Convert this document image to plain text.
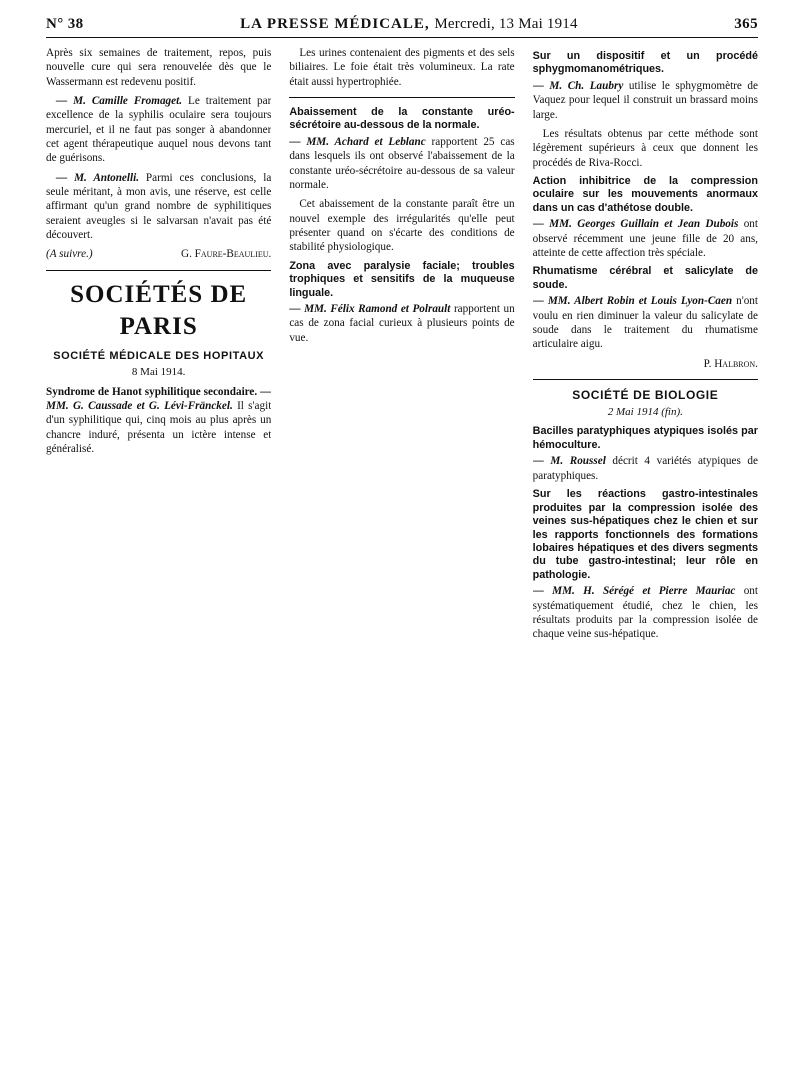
N° 38	LA PRESSE MÉDICALE, Mercredi, 13 Mai 1914	365

Après six semaines de traitement, repos, puis nouvelle cure qui sera renouvelée dès que le Wassermann est redevenu positif.

— M. Camille Fromaget. Le traitement par excellence de la syphilis oculaire sera toujours mercuriel, et il ne faut pas songer à abandonner cet agent thérapeutique auquel nous devons tant de guérisons.

— M. Antonelli. Parmi ces conclusions, la seule méritant, à mon avis, une réserve, est celle affirmant qu'un grand nombre de syphilitiques seraient aveugles si le salvarsan n'avait pas été découvert.

(A suivre.)	G. Faure-Beaulieu.
SOCIÉTÉS DE PARIS
SOCIÉTÉ MÉDICALE DES HOPITAUX
8 Mai 1914.

Syndrome de Hanot syphilitique secondaire. — MM. G. Caussade et G. Lévi-Fränckel. Il s'agit d'un syphilitique qui, cinq mois au plus après un chancre induré, présenta un ictère intense et généralisé.

Les urines contenaient des pigments et des sels biliaires. Le foie était très volumineux. La rate était aussi hypertrophiée.

Abaissement de la constante uréo-sécrétoire au-dessous de la normale.

— MM. Achard et Leblanc rapportent 25 cas dans lesquels ils ont observé l'abaissement de la constante uréo-sécrétoire au-dessous de sa valeur normale.

Cet abaissement de la constante paraît être un nouvel exemple des irrégularités qu'elle peut présenter quand on s'écarte des conditions de stabilité physiologique.

Zona avec paralysie faciale; troubles trophiques et sensitifs de la muqueuse linguale.

— MM. Félix Ramond et Polrault rapportent un cas de zona facial curieux à plusieurs points de vue.

Sur un dispositif et un procédé sphygmomanométriques.

— M. Ch. Laubry utilise le sphygmomètre de Vaquez pour lequel il construit un brassard moins large.

Les résultats obtenus par cette méthode sont légèrement supérieurs à ceux que donnent les procédés de Riva-Rocci.

Action inhibitrice de la compression oculaire sur les mouvements anormaux dans un cas d'athétose double.

— MM. Georges Guillain et Jean Dubois ont observé récemment une jeune fille de 20 ans, atteinte de cette affection très spéciale.

Rhumatisme cérébral et salicylate de soude.

— MM. Albert Robin et Louis Lyon-Caen n'ont voulu en rien diminuer la valeur du salicylate de soude dans le traitement du rhumatisme articulaire aigu.

P. Halbron.
SOCIÉTÉ DE BIOLOGIE
2 Mai 1914 (fin).
Bacilles paratyphiques atypiques isolés par hémoculture.

— M. Roussel décrit 4 variétés atypiques de paratyphiques.

Sur les réactions gastro-intestinales produites par la compression isolée des veines sus-hépatiques chez le chien et sur les rapports fonctionnels des formations lobaires hépatiques et des divers segments du tube gastro-intestinal; leur rôle en pathologie.

— MM. H. Sérégé et Pierre Mauriac ont systématiquement étudié, chez le chien, les résultats produits par la compression isolée de chaque veine sus-hépatique.
